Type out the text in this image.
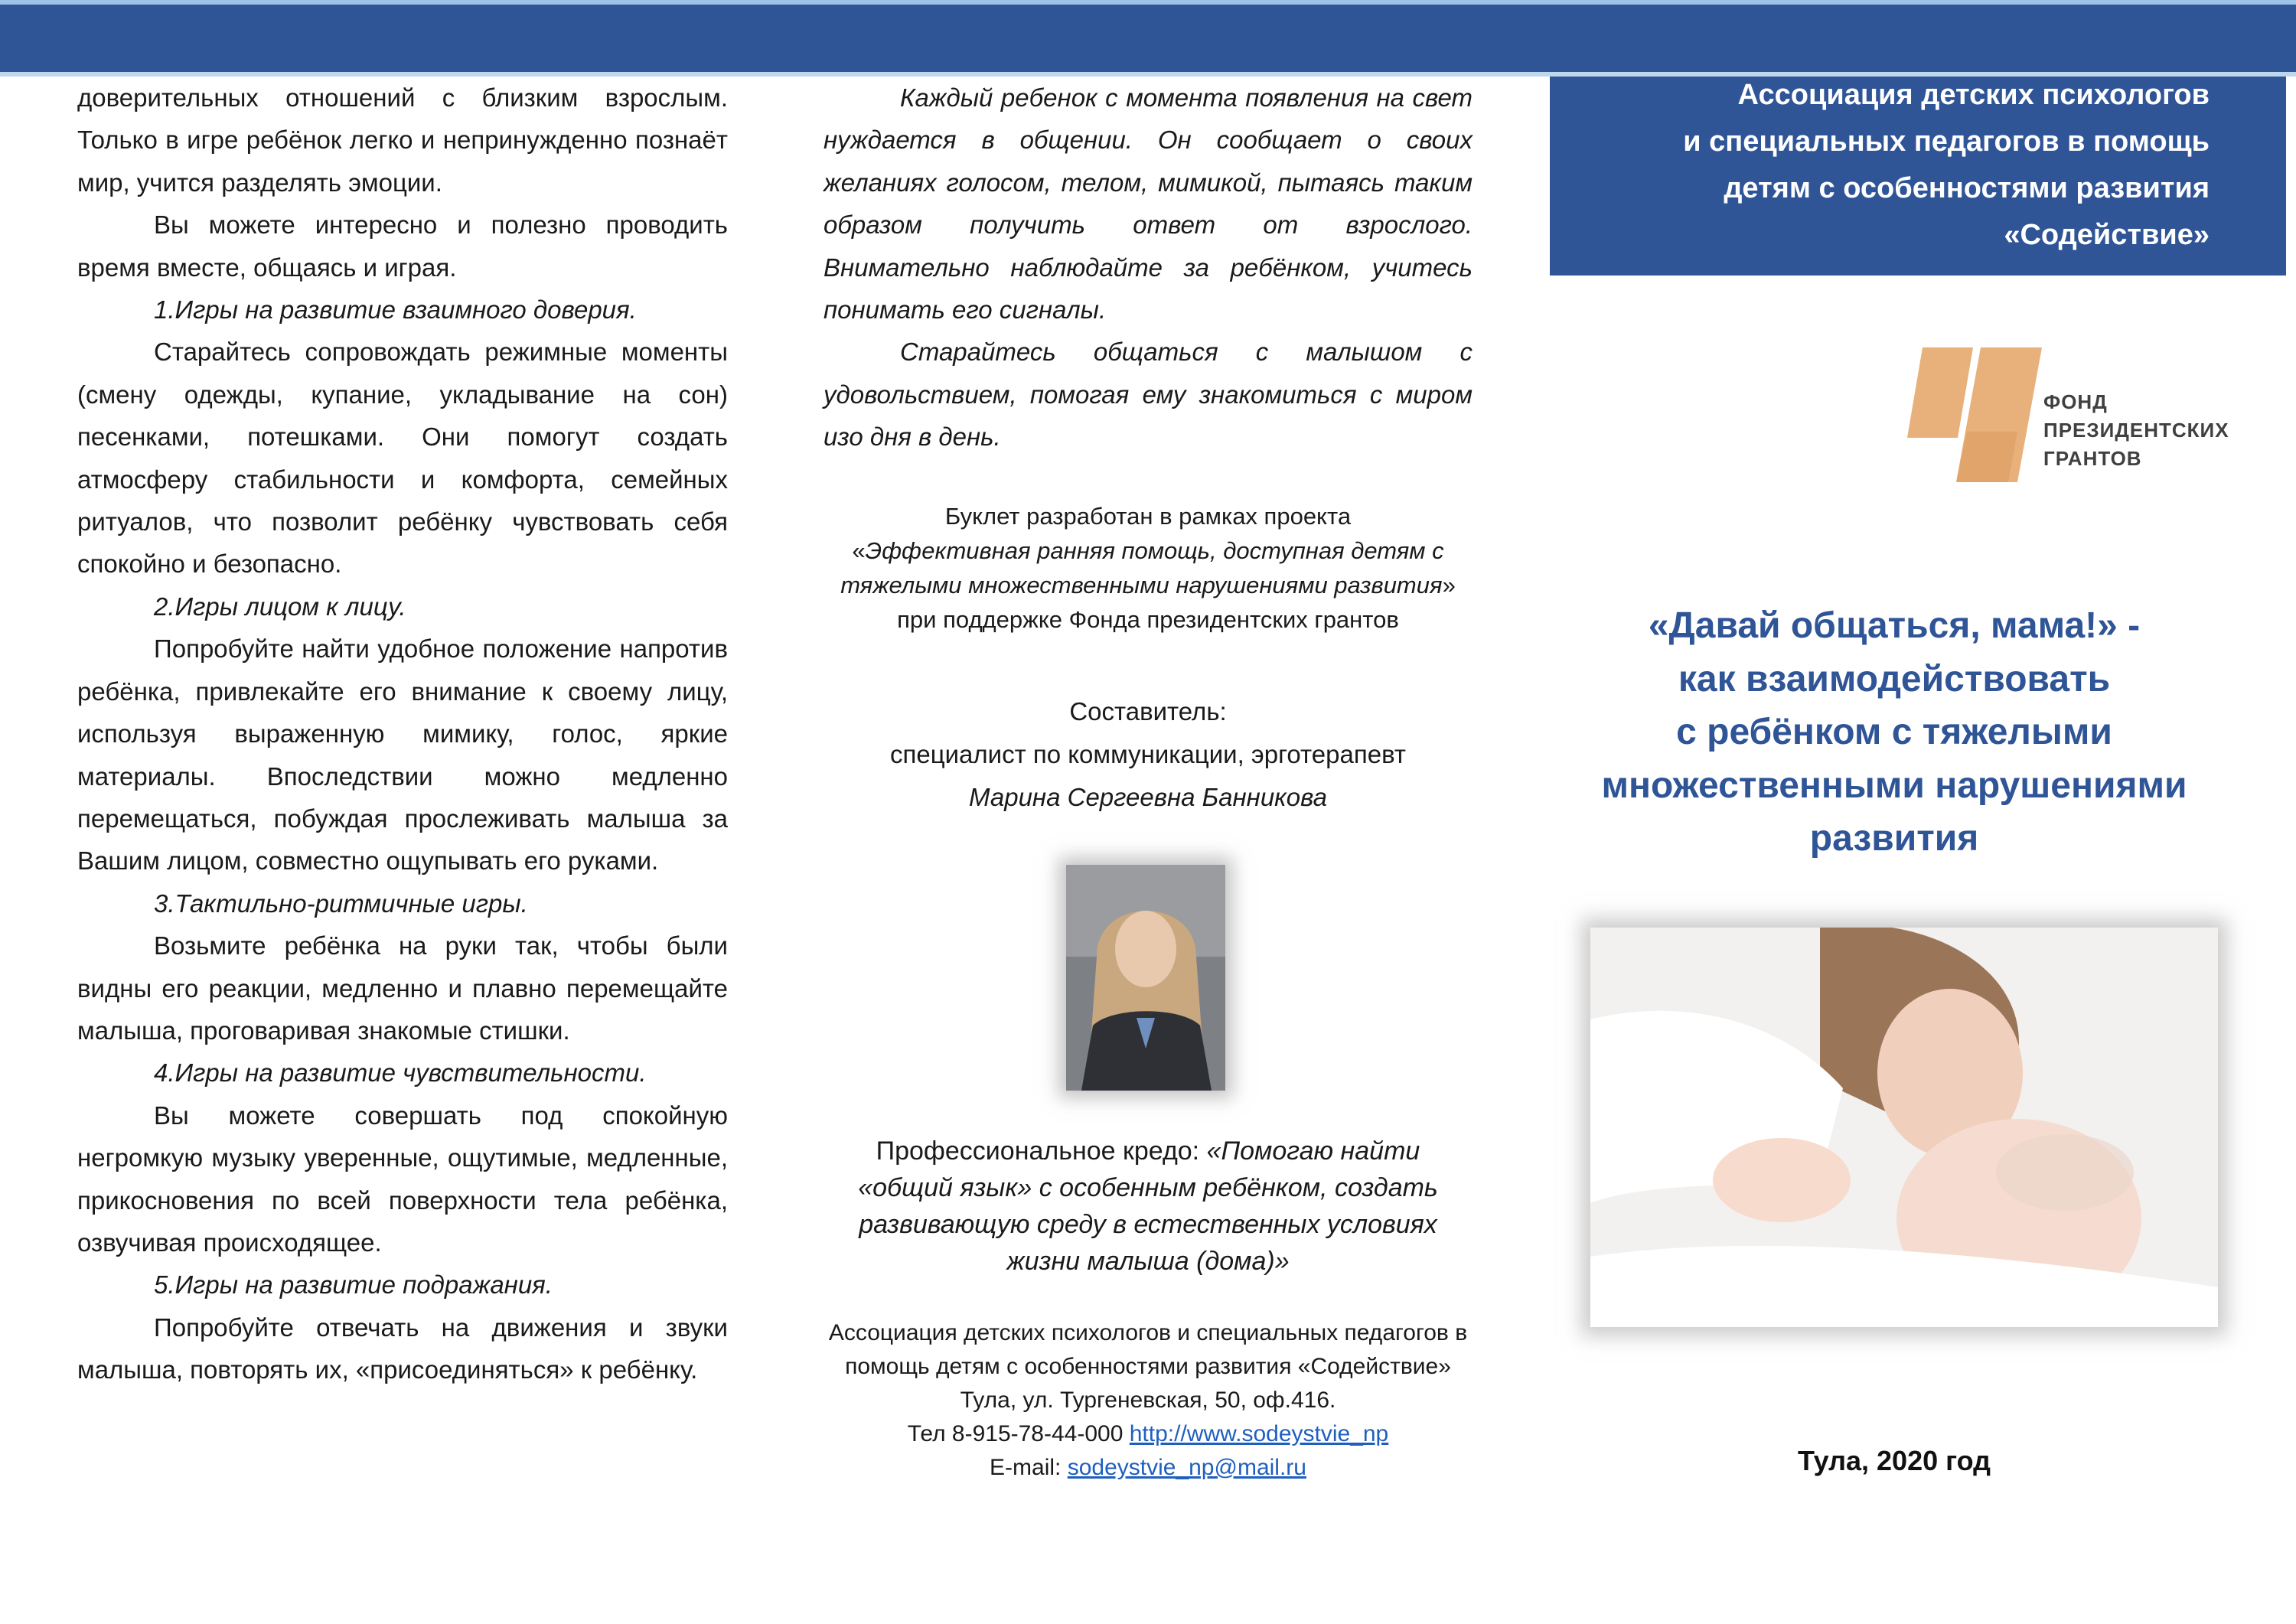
доверительных отношений с близким взрослым. Только в игре ребёнок легко и непринужденно познаёт мир, учится разделять эмоции.

Вы можете интересно и полезно проводить время вместе, общаясь и играя.

1.Игры на развитие взаимного доверия.

Старайтесь сопровождать режимные моменты (смену одежды, купание, укладывание на сон) песенками, потешками. Они помогут создать атмосферу стабильности и комфорта, семейных ритуалов, что позволит ребёнку чувствовать себя спокойно и безопасно.

2.Игры лицом к лицу.

Попробуйте найти удобное положение напротив ребёнка, привлекайте его внимание к своему лицу, используя выраженную мимику, голос, яркие материалы. Впоследствии можно медленно перемещаться, побуждая прослеживать малыша за Вашим лицом, совместно ощупывать его руками.

3.Тактильно-ритмичные игры.

Возьмите ребёнка на руки так, чтобы были видны его реакции, медленно и плавно перемещайте малыша, проговаривая знакомые стишки.

4.Игры на развитие чувствительности.

Вы можете совершать под спокойную негромкую музыку уверенные, ощутимые, медленные, прикосновения по всей поверхности тела ребёнка, озвучивая происходящее.

5.Игры на развитие подражания.

Попробуйте отвечать на движения и звуки малыша, повторять их, «присоединяться» к ребёнку.

Каждый ребенок с момента появления на свет нуждается в общении. Он сообщает о своих желаниях голосом, телом, мимикой, пытаясь таким образом получить ответ от взрослого. Внимательно наблюдайте за ребёнком, учитесь понимать его сигналы.

Старайтесь общаться с малышом с удовольствием, помогая ему знакомиться с миром изо дня в день.

Буклет разработан в рамках проекта
«Эффективная ранняя помощь, доступная детям с тяжелыми множественными нарушениями развития»
при поддержке Фонда президентских грантов
Составитель:
специалист по коммуникации, эрготерапевт
Марина Сергеевна Банникова
Профессиональное кредо: «Помогаю найти «общий язык» с особенным ребёнком, создать развивающую среду в естественных условиях жизни малыша (дома)»
Ассоциация детских психологов и специальных педагогов в помощь детям с особенностями развития «Содействие»
Тула, ул. Тургеневская, 50, оф.416.
Тел 8-915-78-44-000 http://www.sodeystvie_np
E-mail: sodeystvie_np@mail.ru
Ассоциация детских психологов
и специальных педагогов в помощь
детям с особенностями развития
«Содействие»
ФОНД
ПРЕЗИДЕНТСКИХ
ГРАНТОВ
«Давай общаться, мама!» -
как взаимодействовать
с ребёнком с тяжелыми
множественными нарушениями
развития
Тула, 2020 год
